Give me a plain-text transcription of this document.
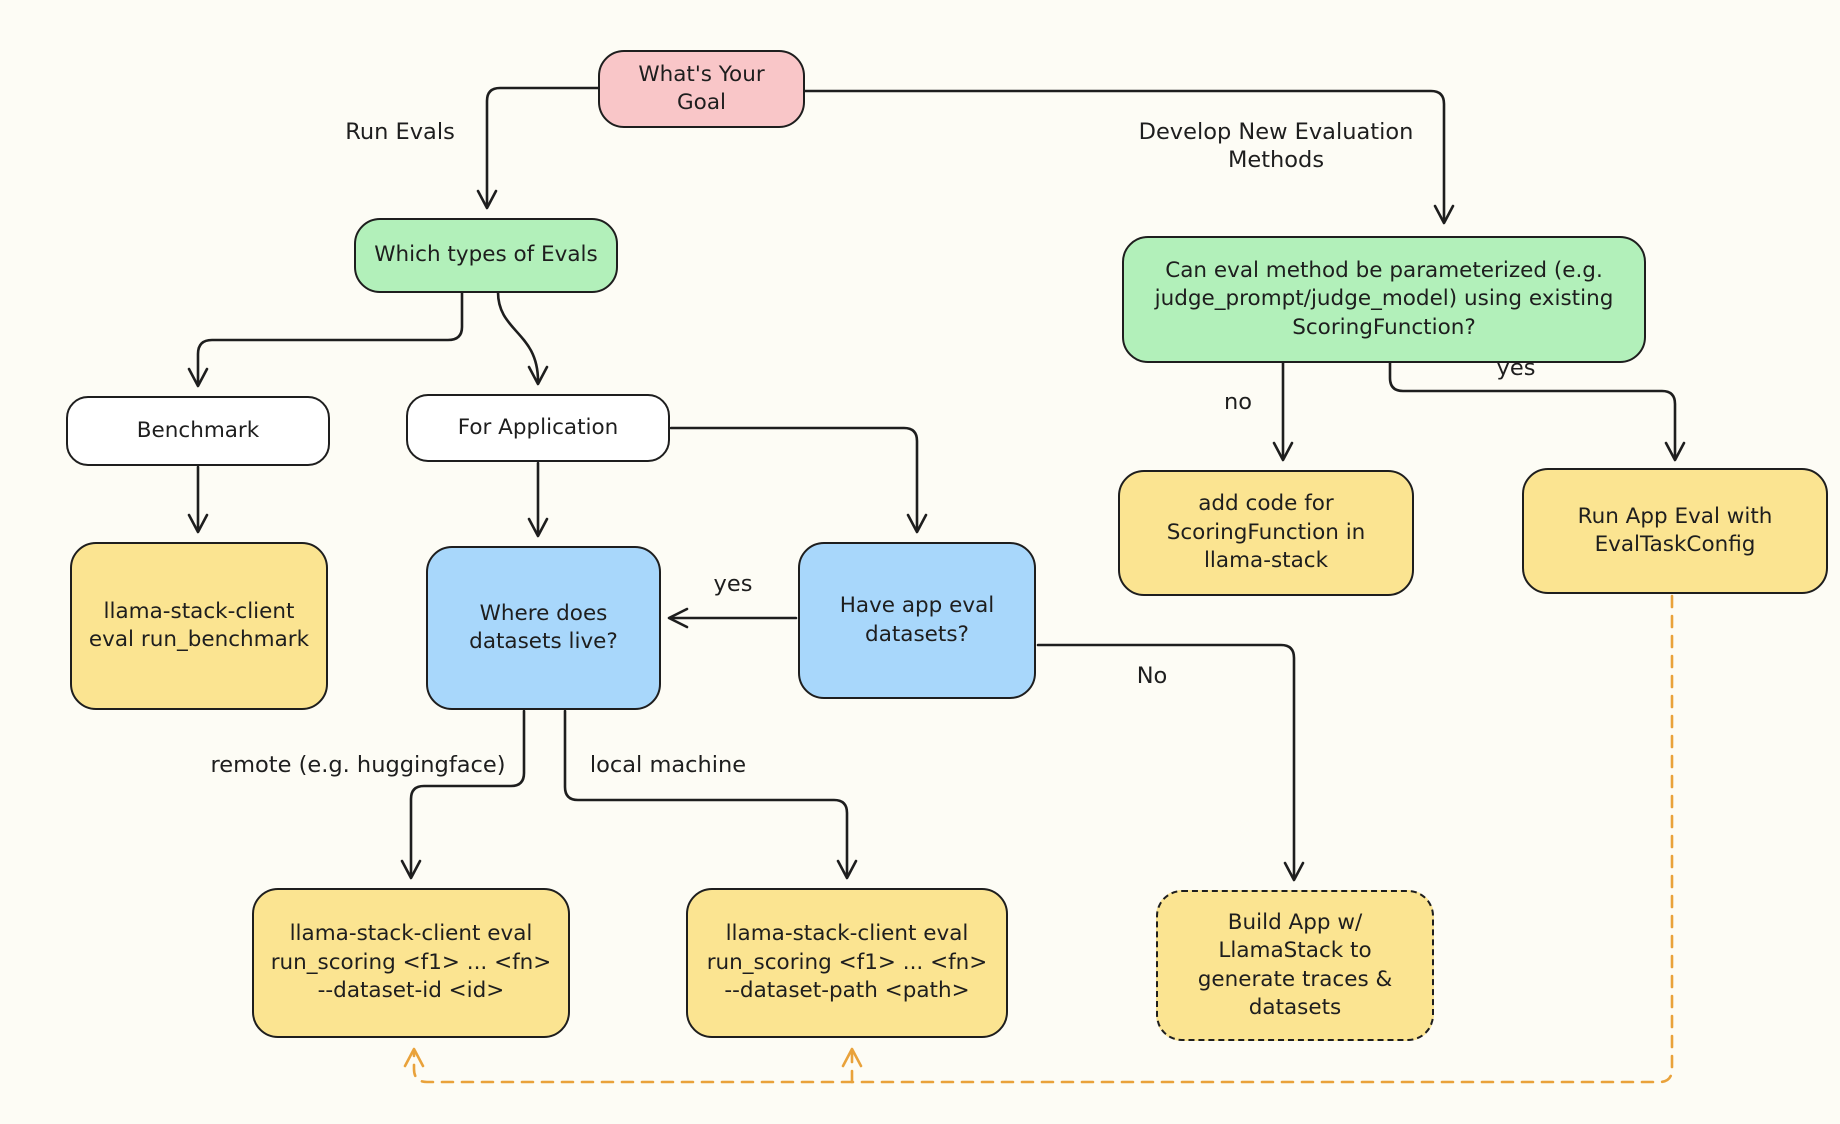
What's Your Goal
Which types of Evals
Can eval method be parameterized (e.g. judge_prompt/judge_model) using existing ScoringFunction?
Benchmark	For Application
llama-stack-client eval run_benchmark
Where does datasets live?
Have app eval datasets?
add code for ScoringFunction in llama-stack
Run App Eval with EvalTaskConfig
llama-stack-client eval run_scoring <f1> ... <fn> --dataset-id <id>
llama-stack-client eval run_scoring <f1> ... <fn> --dataset-path <path>
Build App w/ LlamaStack to generate traces & datasets
Run Evals	Develop New Evaluation Methods
no
yes
yes
No
remote (e.g. huggingface)	local machine
